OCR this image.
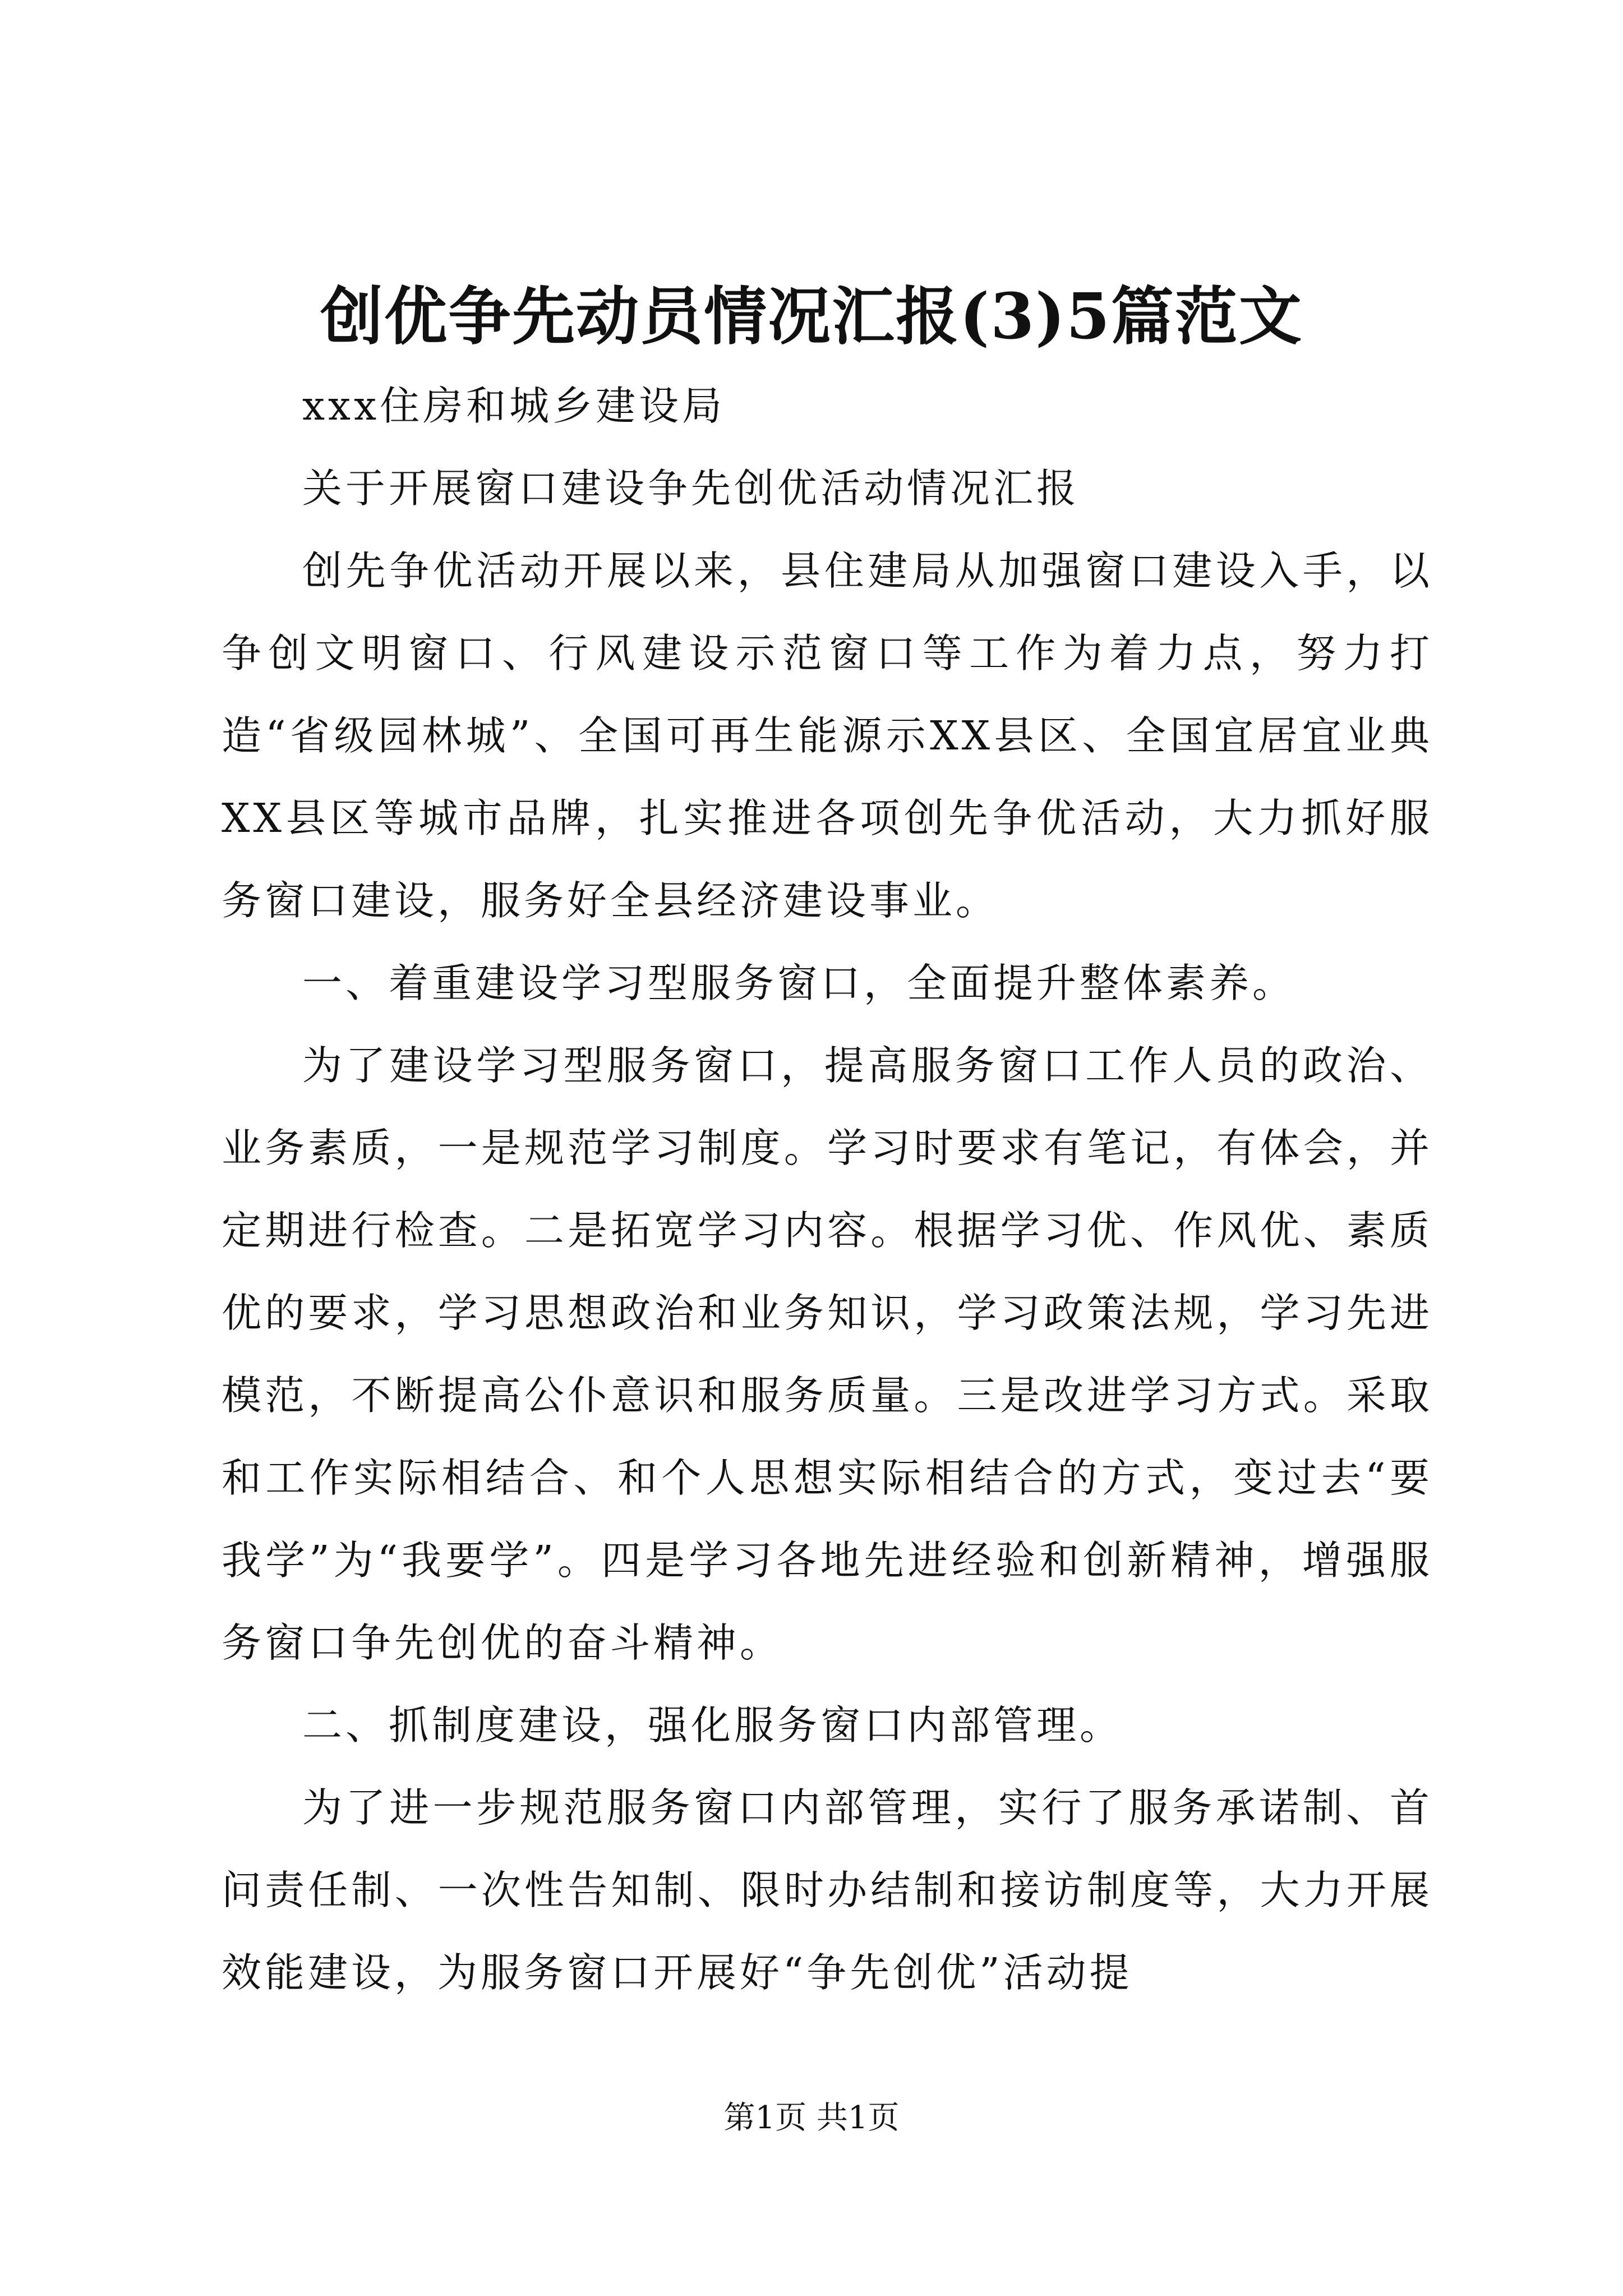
创优争先动员情况汇报(3)5篇范文

xxx住房和城乡建设局

关于开展窗口建设争先创优活动情况汇报

创先争优活动开展以来，县住建局从加强窗口建设入手，以争创文明窗口、行风建设示范窗口等工作为着力点，努力打造“省级园林城”、全国可再生能源示XX县区、全国宜居宜业典XX县区等城市品牌，扎实推进各项创先争优活动，大力抓好服务窗口建设，服务好全县经济建设事业。

一、着重建设学习型服务窗口，全面提升整体素养。

为了建设学习型服务窗口，提高服务窗口工作人员的政治、业务素质，一是规范学习制度。学习时要求有笔记，有体会，并定期进行检查。二是拓宽学习内容。根据学习优、作风优、素质优的要求，学习思想政治和业务知识，学习政策法规，学习先进模范，不断提高公仆意识和服务质量。三是改进学习方式。采取和工作实际相结合、和个人思想实际相结合的方式，变过去“要我学”为“我要学”。四是学习各地先进经验和创新精神，增强服务窗口争先创优的奋斗精神。

二、抓制度建设，强化服务窗口内部管理。

为了进一步规范服务窗口内部管理，实行了服务承诺制、首问责任制、一次性告知制、限时办结制和接访制度等，大力开展效能建设，为服务窗口开展好“争先创优”活动提

第1页 共1页
